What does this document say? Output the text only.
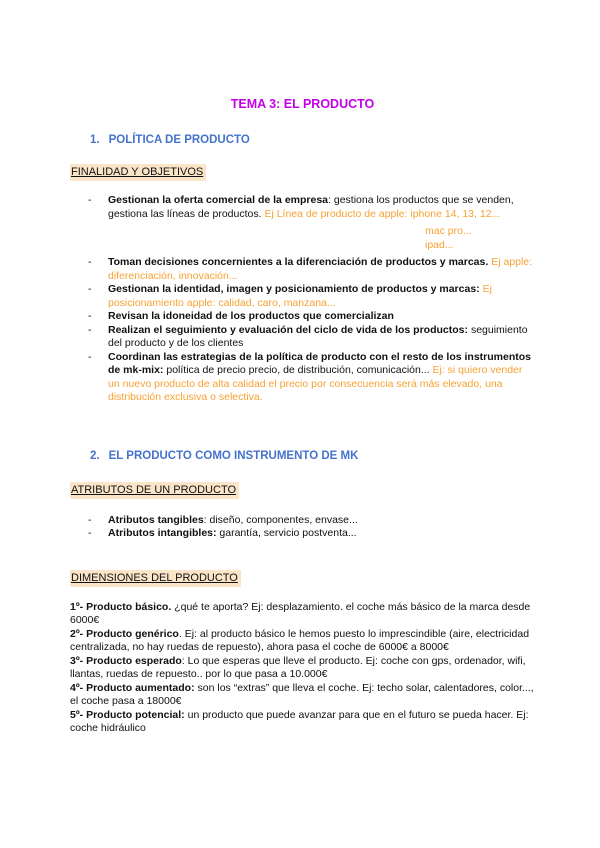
TEMA 3: EL PRODUCTO
1. POLÍTICA DE PRODUCTO
FINALIDAD Y OBJETIVOS
-	Gestionan la oferta comercial de la empresa: gestiona los productos que se venden, gestiona las líneas de productos. Ej Línea de producto de apple: iphone 14, 13, 12...
mac pro...
ipad...
-	Toman decisiones concernientes a la diferenciación de productos y marcas. Ej apple: diferenciación, innovación...
-	Gestionan la identidad, imagen y posicionamiento de productos y marcas: Ej posicionamiento apple: calidad, caro, manzana...
-	Revisan la idoneidad de los productos que comercializan
-	Realizan el seguimiento y evaluación del ciclo de vida de los productos: seguimiento del producto y de los clientes
-	Coordinan las estrategias de la política de producto con el resto de los instrumentos de mk-mix: política de precio precio, de distribución, comunicación... Ej: si quiero vender un nuevo producto de alta calidad el precio por consecuencia será más elevado, una distribución exclusiva o selectiva.
2. EL PRODUCTO COMO INSTRUMENTO DE MK
ATRIBUTOS DE UN PRODUCTO
-	Atributos tangibles: diseño, componentes, envase...
-	Atributos intangibles: garantía, servicio postventa...
DIMENSIONES DEL PRODUCTO
1º- Producto básico. ¿qué te aporta? Ej: desplazamiento. el coche más básico de la marca desde 6000€
2º- Producto genérico. Ej: al producto básico le hemos puesto lo imprescindible (aire, electricidad centralizada, no hay ruedas de repuesto), ahora pasa el coche de 6000€ a 8000€
3º- Producto esperado: Lo que esperas que lleve el producto. Ej: coche con gps, ordenador, wifi, llantas, ruedas de repuesto.. por lo que pasa a 10.000€
4º- Producto aumentado: son los “extras” que lleva el coche. Ej: techo solar, calentadores, color..., el coche pasa a 18000€
5º- Producto potencial: un producto que puede avanzar para que en el futuro se pueda hacer. Ej: coche hidráulico
